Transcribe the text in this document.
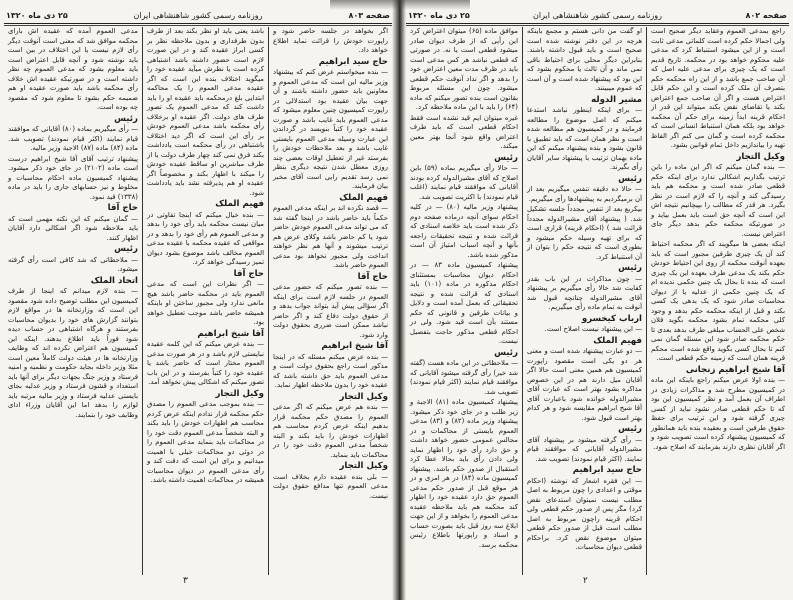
صفحه ۸۰۳
روزنامه رسمی کشور شاهنشاهی ایران
۲۵ دی ماه ۱۳۲۰

اگر بخواهد در جلسه حاضر شود و راپورت خودش را قرائت نماید اطلاع خواهد داد.

حاج سید ابراهیم

— بنده میخواستم عرض کنم که بیشنهاد وزیر مالیه این است که مدعی العموم و معاونین باید حضور داشته باشند و آن جهت بیان عقیده بود استدلالی در راپورت کمیسیون چنین معلوم میشود که مدعی العموم باید غایب باشد و صورت عقیده خود را کتباً بنویسد در گرداندن این عبارت وسیله مدعی العموم بایستی غایب باشد و بعد ملاحظات خودش را بفرستد غیر از تعطیل اوقات بعضی چند روزی معطل شدن نتیجه دیگری بنظر نمی رسد تقدیم رایی است آقای مخبر بیان فرمایند.

فهیم الملک

— قصد نکرده اند بر اینکه مدعی العموم حکماً باید حاضر باشد در اینجا گفته شد که می تواند مدعی العموم خودش حاضر شود یا کم حاضر باشد وکلای عرض هم ترتیب میشوند و آنها هم نظر خواهند انداخت ولی مجبور نخواهد بود مدعی العموم حاضر باشد.

حاج آقا

— بنده تصور میکنم که حضور مدعی العموم در جلسه لازم است برای اینکه اگر سؤالی پیش آید بتواند جواب بدهد و از حقوق دولت دفاع کند و اگر حاضر نباشد ممکن است ضرری بحقوق دولت وارد شود.

آقا شیخ ابراهیم

— بنده عرض میکنم مسئله که در اینجا مذکور است راجع بحقوق دولت است و مدعی العموم باید حق داشته باشد که عقیده خود را بدون ملاحظه اظهار نماید.

وکیل التجار

— بنده هم عرض میکنم که اگر مدعی العموم را مصدق حکم محکمه قرار بدهیم اینکه عرض کردم محاسب هم اظهارات خودش را باید بکند و البته شخصاً مدعی العموم دقت خود را در محاکمات باید بنماید.

وکیل التجار

— بلی بنده عقیده دارم بخلاف است مدعی العموم تنها مدافع حقوق دولت نیست.

باشد یعنی باید او نظر بکند بعد از طرف بدون طرفداری و بدون ملاحظه نظر بر کسی ابراز عقیده کند و در این صورت لازم است حضور داشته باشد اشتباهی کرده است یا نظرش میآید عقیده خود را میگوید اختلاف بنده این است که اگر عقیده مدعی العموم را یک محاکمه ابتدایی بلغ درمحکمه باید عقیده او را باید داشت کند که مدعی العموم یک تصور طرف های دولت. اگر عقیده او برخلاف رأی محکمه باشد مدعی العموم خودش بر رأی این است که اگر دید اختلاف باشتباهی در رأی محکمه است یادداشت بکند فرق نمی کند چهار طرف دولت یا از طرف مباشرین او ساقط عقیده خودش را میکند با اظهار بکند و مخصوصاً اگر عقیده او هم پذیرفته نشد باید یادداشت شود.

فهیم الملک

— بنده خیال میکنم که اینجا تفاوتی در میان نیست محکمه باید رأی خود را بدهد و مدعی العموم هم رأی خود را بدهد و در مواقعی که عقیده محکمه با عقیده مدعی العموم مخالف باشد موضوع بشود دیوان تمیز رسیدگی خواهد کرد.

حاج آقا

— اگر نظرات این است که مدعی العموم باید در محکمه حاضر باشد هیچ مانعی ندارد ولی مجبور ساختن او باینکه همیشه حاضر باشد موجب تعطیل خواهد بود.

آقا شیخ ابراهیم

— بنده عرض میکنم که این کلمه عقیده نبایستی لازم باشد و در هر صورت مدعی العموم مختار است که حاضر باشد یا عقیده خود را کتباً بفرستد و در این باب تصور میکنم که اشکالی پیش نخواهد آمد.

وکیل التجار

— بنده بموجب مدعی العموم را مصدق حکم محکمه قرار ندادم اینکه عرض کردم محاسب هم اظهارات خودش را باید بکند و البته شخصاً مدعی العموم دقت خود را در محاکمات باید بنماید مدعی العموم را در دوئی دو محاکمات خیلی با اهمیت میدانیم و برای این است که دقت کند و رأی مدعی العموم در دیوان محاسبات همیشه در محاکمات اهمیت داشته باشد.

مدعی العموم آمده که عقیده اش بارای محکمه موافق شد که معنی است آنوقت دیگر رأی لازم نیست یا این اختلاف در بین است باید نوشته شود و آنچه قابل اعتراض است باید معلوم بشود که مدعی العموم چه نظر داشته است و در صورتیکه عقیده اش خلاف رأی محکمه باشد باید صورت عقیده او هم ضمیمه حکم بشود تا معلوم شود که مقصود چه بوده است.

رئیس

— رأی میگیریم بماده (۸۰) آقایانی که موافقند قیام نمایند (اکثر قیام نمودند) تصویب شد. ماده (۸۴) ماده (۸۷) الاجبة وزیر مالیه.

پیشنهاد ترتیب آقای آقا شیخ ابراهیم درست است ماده (۲۱۰۲) در جای خود ذکر میشود. پیشنهاد کمیسیون ماده احکام محاسبات و مخلوط و نیز حسابهای جاری را باید در ماده (۱۳۳۸) قید نمود.

حاج آقا

— گمان میکنم که این نکته مهمی است که باید ملاحظه شود اگر اشکالی دارد آقایان اظهار کنند.

رئیس

— ملاحظاتی که شد کافی است رأی گرفته میشود.

اتحاد الملک

— بنده لازم میدانم که اینجا از طرف کمیسیون این مطلب توضیح داده شود مقصود این است که وزارتخانه ها در مواقع لازم بتوانند گزارش های خود را بدیوان محاسبات بفرستند و هرگاه اشتباهی در حساب دیده شود فوراً باید اطلاع بدهند. اینکه این کمیسیون هم اعتراض نکرده اند که وظایف وزارتخانه ها در هیئت دولت کاملاً معین است مثلا وزیر داخله بجاید حکومت و نظمیه و امنیه فرستاد و وزیر جنگ بجهات دیگر برای آنها باید استعداد و قشون فرستاد و وزیر عدلیه بجای بایستی عدلیه فرستاد و وزیر مالیه مرتبه باید لوازم را بدهد اما این آقایان وزراء ادای وظایف خود را بنمایند.

۳
صفحه ۸۰۲
روزنامه رسمی کشور شاهنشاهی ایران
۲۵ دی ماه ۱۳۲۰

راجع بمدعی العموم وعقاید دیگر صحیح است ولی اجمالا حکم کرده است کلماتی مدعی ثابت است و از این میشود استنباط کرد که مدعی علیه محکوم خواهد بود در محکمه. تاریخ قدیم است که یک چیزی برای مدعی علیه اصل که آن صاحب جمع باشد و از این راه محکمه حکم بتصرف آن ملک کرده است و این حکم قابل اعتراض هست و اگر آن صاحب جمع اعتراض بکند یا تقاضای نقض بکند میتواند این قدر از احکام قرینه ابداً زمینه برای حکم آن محکمه خواهد بود بلکه همان استنباط انسانی است که محکمه کرده است و گمان می کنم اگر الفاظ تهیه را بیاندازیم داخل تمام قوانین بشود.

وکیل التجار

— بنده گمان میکنم که اگر این ماده را باین ترتیب بگذاریم اشکالی ندارد برای اینکه حکم قطعی صادر شده است و محکمه هم باید رسیدگی کند و آنچه را که لازم است در نظر بگیرد. هر قدر که مطالب را بپیچانیم نتیجه اش این است که آنچه حق است باید بعمل بیاید و در صورتیکه محکمه حکم بدهد دیگر جای اعتراض نیست.

اینکه بعضی ها میگویند که اگر محکمه احتیاط کند آن یک چیزی طرفین مجبور است که باید بعهده آنوقت محکمه از روی این احتیاط خودش حکم بکند یک مدعی طرف بعهده این یک چیزی است که بنده تا بحال یک چنین حکمی ندیده ام که یک چنین حکمی از عدلیه یا از دیوان محاسبات صادر شود که یک بدهی یک کسی بکند و قبل از اینکه محکمه حکم بدهد و وجود کلی محکمه تمام بشود محکمه بگوید فلان شخص علی الحساب مبلغی طرف بدهد بعدی تا حکم محکمه صادر شود این مسئله گمان نمی کنم تا بحال کسی بگوید واقع شده است محکم قرینه همان است که زمینه حکم قطعی است.

آقا شیخ ابراهیم زنجانی

— بنده اولا عرض میکنم راجع باینکه این ماده در کمیسیون مطرح شد و مذاکرات زیادی در اطراف آن بعمل آمد و نظر کمیسیون این بود که تا حکم قطعی صادر نشود نباید از کسی چیزی گرفته شود و این ترتیب برای حفظ حقوق طرفین است و بعقیده بنده باید همانطور که کمیسیون پیشنهاد کرده است تصویب شود و اگر آقایان نظری دارند بفرمایند که اصلاح شود.

او گفت من دانی هستم و مجمع باینکه هرچه در این دفتر نوشته شده است صحیح است و باید قبول داشته باشند. بنابراین دیگر محلی برای احتیاط باقی نمی ماند و آن ثالث یا محکوم بشود که این بود که پیشنهاد شده است و آن است که عموم میبینند.

مشیر الدوله

— برای اینکه اینطور نباشد استدعا میکنم که اصل موضوع را مطالعه فرمایند و در کمیسیون هم مطالعه شده است و نظر همان است که باید تطبیق با قانون بشود و بنده پیشنهاد میکنم که این ماده بهمان ترتیب با پیشنهاد سایر آقایان رأی بگیرند.

رئیس

— حالا ده دقیقه تنفس میگیریم بعد از آن برمیگردیم به پیشنهادها رأی میگیریم.

بیکربع بعد از تنفس مجدداً جلسه تشکیل شد. ( پیشنهاد آقای مشیرالدوله مجدداً قرائت شد ) (احکام قرینه) قراری است که برای تهیه وسیله حکم میشود و بطوری است که نتیجه حکم را بتوان از آن استنباط کرد.

رئیس

— چون مذاکرات در این باب بقدر کفایت شد حالا رأی میگیریم بر پیشنهاد آقای مشیرالدوله چنانچه قبول شد آنوقت به تمام ماده رأی میگیریم.

ارباب کیخسرو

— این پیشنهاد نیست اصلاح است.

فهیم الملک

— دو عبارت پیشنهاد شده است و معنی هر دو یکی است مقصود راپورت کمیسیون هم همین معنی است حالا اگر آقایان میل دارند هم در این خصوص مذاکره بشود بهتر است که عبارت آقای مشیرالدوله خوانده شود باعبارت آقای آقا شیخ ابراهیم مقایسه شود و هر کدام بهتر است قبول شود.

رئیس

— رأی گرفته میشود بر پیشنهاد آقای مشیرالدوله آقایانی که موافقند قیام نمایند. (اکثر قیام نمودند) تصویب شد.

حاج سید ابراهیم

— این فقره اشعار که نوشته (احکام موقتی و اعدادی را چون مربوط به اصل مطلب نیست نمیتوان استدعای نقض کرد) مگر پس از صدور حکم قطعی ولی احکام قرینه راچون مربوط به اصل مطلب است قبل از صدور حکم قطعی میتوان موضوع نقض کرد. براحکام قطعی دیوان محاسبات.

موافق ماده (۶۵) میتوان اعتراض کرد این رأیی که از طرف دیوان صادر میشود قطعی است یا نه. در صورتی که قطعی نباشد هر کس مدعی است باید در ظرف مدت معین اعتراض خود را بدهد و اگر نداد آنوقت حکم قطعی میشود. چون این مسئله مربوط بقانون است بنده تصور میکنم که ماده (۶۴) را باید با این ماده ملاحظه کرد.

غیره میتوان ایم قید نشده است فقط احکام قطعی است که باید طرف اعتراض واقع شود آنجا بهتر معین میکند.

رئیس

— حالا رأی میگیریم بماده (۵۹) باین اصلاح که آقای مشیرالدوله کرده بودند آقایانی که موافقند قیام نمایند (اغلب قیام نمودند) با اکثریت تصویب شد.

پیشنهاد وزیر مالیه (۸۰) — در کلیه احکام سوای آنچه درماده صفحه دوم ذکر شده است باید خلاصه اسنادی که قرائت شده و نتیجه تحقیقات راجعه بآنها و آنچه اسباب امتیاز آن است مذکور شده باشد.

پیشنهاد کمیسیون ماده ۸۳ — در احکام دیوان محاسبات بمستثنای احکام مذکوره در ماده (۱۰۱) باید اسنادی که قرائت شده و نتیجه تحقیقاتی که بعمل آمده است و دلایل و بیانات طرفین و قانونی که حکم مستند بآن است قید شود. ولی در احکام قطعی مذکور حاجت بتفصیل نیست.

رئیس

— ملاحظاتی در این ماده هست (گفته شد خیر) رأی گرفته میشود آقایانی که موافقند قیام نمایند (اکثر قیام نمودند) تصویب شد.

پیشنهاد کمیسیون ماده (۸۱) الاجبة و زیر طلب و در جای خود ذکر میشود. پیشنهاد وزیر ماده (۸۲) و (۸۳) مدعی العموم بایستی از محاکمات و در مجالس عمومی حضور خواهد داشت و حق دارد رأی خود را اظهار نماید ولی دادن رأی باید بحالا عطا کرد استقبال از صدور حکم باشد. پیشنهاد کمیسیون ماده (۸۴) در هر امری و در هر موقع قبل از صدور حکم مدعی العموم حق دارد عقیده خود را اظهار کند محکمه هم باید ملاحظه عقیده مدعی العموم را بخواهد و از این جهت ابلاغ سه روز قبل باید بصورت حساب و اسناد و راپورتها باطلاع رئیس محکمه برسد.

۲
